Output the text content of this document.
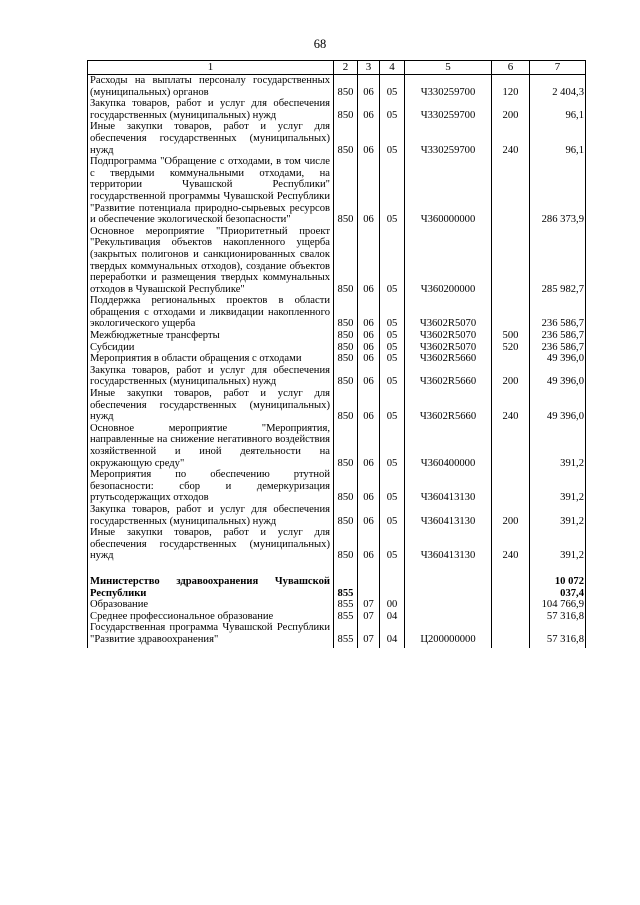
68
1	2	3	4	5	6	7
Расходы на выплаты персоналу государственных (муниципальных) органов	850	06	05	Ч330259700	120	2 404,3
Закупка товаров, работ и услуг для обеспечения государственных (муниципальных) нужд	850	06	05	Ч330259700	200	96,1
Иные закупки товаров, работ и услуг для обеспечения государственных (муниципальных) нужд	850	06	05	Ч330259700	240	96,1
Подпрограмма "Обращение с отходами, в том числе с твердыми коммунальными отходами, на территории Чувашской Республики" государственной программы Чувашской Республики "Развитие потенциала природно-сырьевых ресурсов и обеспечение экологической безопасности"	850	06	05	Ч360000000		286 373,9
Основное мероприятие "Приоритетный проект "Рекультивация объектов накопленного ущерба (закрытых полигонов и санкционированных свалок твердых коммунальных отходов), создание объектов переработки и размещения твердых коммунальных отходов в Чувашской Республике"	850	06	05	Ч360200000		285 982,7
Поддержка региональных проектов в области обращения с отходами и ликвидации накопленного экологического ущерба	850	06	05	Ч3602R5070		236 586,7
Межбюджетные трансферты	850	06	05	Ч3602R5070	500	236 586,7
Субсидии	850	06	05	Ч3602R5070	520	236 586,7
Мероприятия в области обращения с отходами	850	06	05	Ч3602R5660		49 396,0
Закупка товаров, работ и услуг для обеспечения государственных (муниципальных) нужд	850	06	05	Ч3602R5660	200	49 396,0
Иные закупки товаров, работ и услуг для обеспечения государственных (муниципальных) нужд	850	06	05	Ч3602R5660	240	49 396,0
Основное мероприятие "Мероприятия, направленные на снижение негативного воздействия хозяйственной и иной деятельности на окружающую среду"	850	06	05	Ч360400000		391,2
Мероприятия по обеспечению ртутной безопасности: сбор и демеркуризация ртутьсодержащих отходов	850	06	05	Ч360413130		391,2
Закупка товаров, работ и услуг для обеспечения государственных (муниципальных) нужд	850	06	05	Ч360413130	200	391,2
Иные закупки товаров, работ и услуг для обеспечения государственных (муниципальных) нужд	850	06	05	Ч360413130	240	391,2

Министерство здравоохранения Чувашской Республики	855					10 072 037,4
Образование	855	07	00			104 766,9
Среднее профессиональное образование	855	07	04			57 316,8
Государственная программа Чувашской Республики "Развитие здравоохранения"	855	07	04	Ц200000000		57 316,8
